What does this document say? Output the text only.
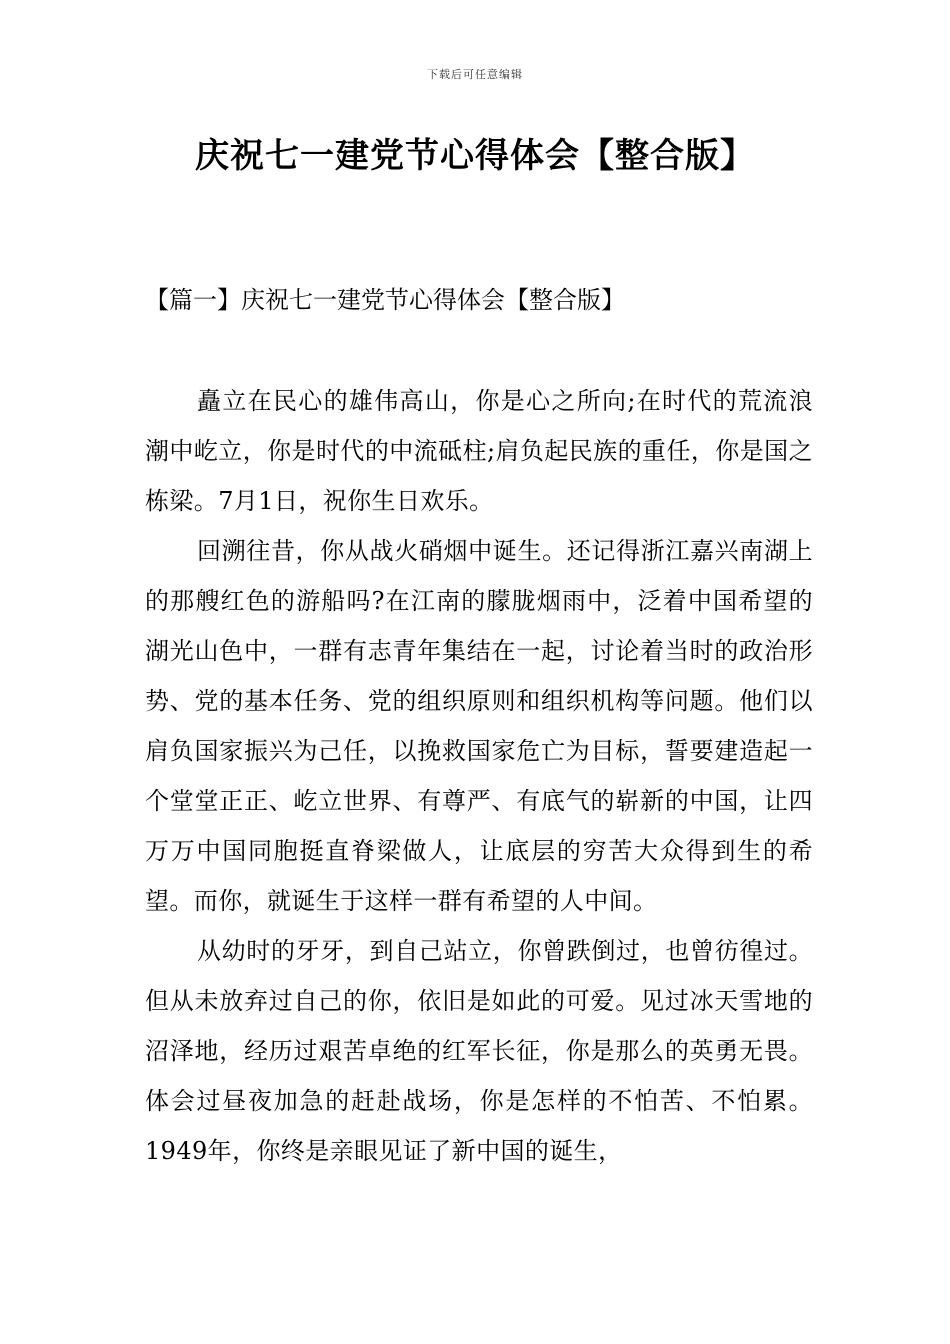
下载后可任意编辑
庆祝七一建党节心得体会【整合版】
【篇一】庆祝七一建党节心得体会【整合版】

矗立在民心的雄伟高山，你是心之所向;在时代的荒流浪潮中屹立，你是时代的中流砥柱;肩负起民族的重任，你是国之栋梁。7月1日，祝你生日欢乐。

回溯往昔，你从战火硝烟中诞生。还记得浙江嘉兴南湖上的那艘红色的游船吗?在江南的朦胧烟雨中，泛着中国希望的湖光山色中，一群有志青年集结在一起，讨论着当时的政治形势、党的基本任务、党的组织原则和组织机构等问题。他们以肩负国家振兴为己任，以挽救国家危亡为目标，誓要建造起一个堂堂正正、屹立世界、有尊严、有底气的崭新的中国，让四万万中国同胞挺直脊梁做人，让底层的穷苦大众得到生的希望。而你，就诞生于这样一群有希望的人中间。

从幼时的牙牙，到自己站立，你曾跌倒过，也曾彷徨过。但从未放弃过自己的你，依旧是如此的可爱。见过冰天雪地的沼泽地，经历过艰苦卓绝的红军长征，你是那么的英勇无畏。体会过昼夜加急的赶赴战场，你是怎样的不怕苦、不怕累。1949年，你终是亲眼见证了新中国的诞生，
